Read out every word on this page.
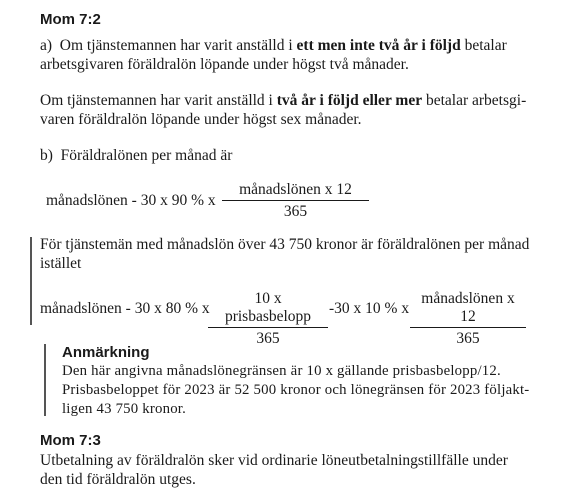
Mom 7:2
a) Om tjänstemannen har varit anställd i ett men inte två år i följd betalar
arbetsgivaren föräldralön löpande under högst två månader.
Om tjänstemannen har varit anställd i två år i följd eller mer betalar arbetsgi-
varen föräldralön löpande under högst sex månader.
b)  Föräldralönen per månad är
månadslönen - 30 x 90 % x
månadslönen x 12
365
För tjänstemän med månadslön över 43 750 kronor är föräldralönen per månad
istället
månadslönen - 30 x 80 % x
10 x prisbasbelopp
365
-30 x 10 % x
månadslönen x 12
365
Anmärkning
Den här angivna månadslönegränsen är 10 x gällande prisbasbelopp/12.
Prisbasbeloppet för 2023 är 52 500 kronor och lönegränsen för 2023 följakt-
ligen 43 750 kronor.
Mom 7:3
Utbetalning av föräldralön sker vid ordinarie löneutbetalningstillfälle under
den tid föräldralön utges.
